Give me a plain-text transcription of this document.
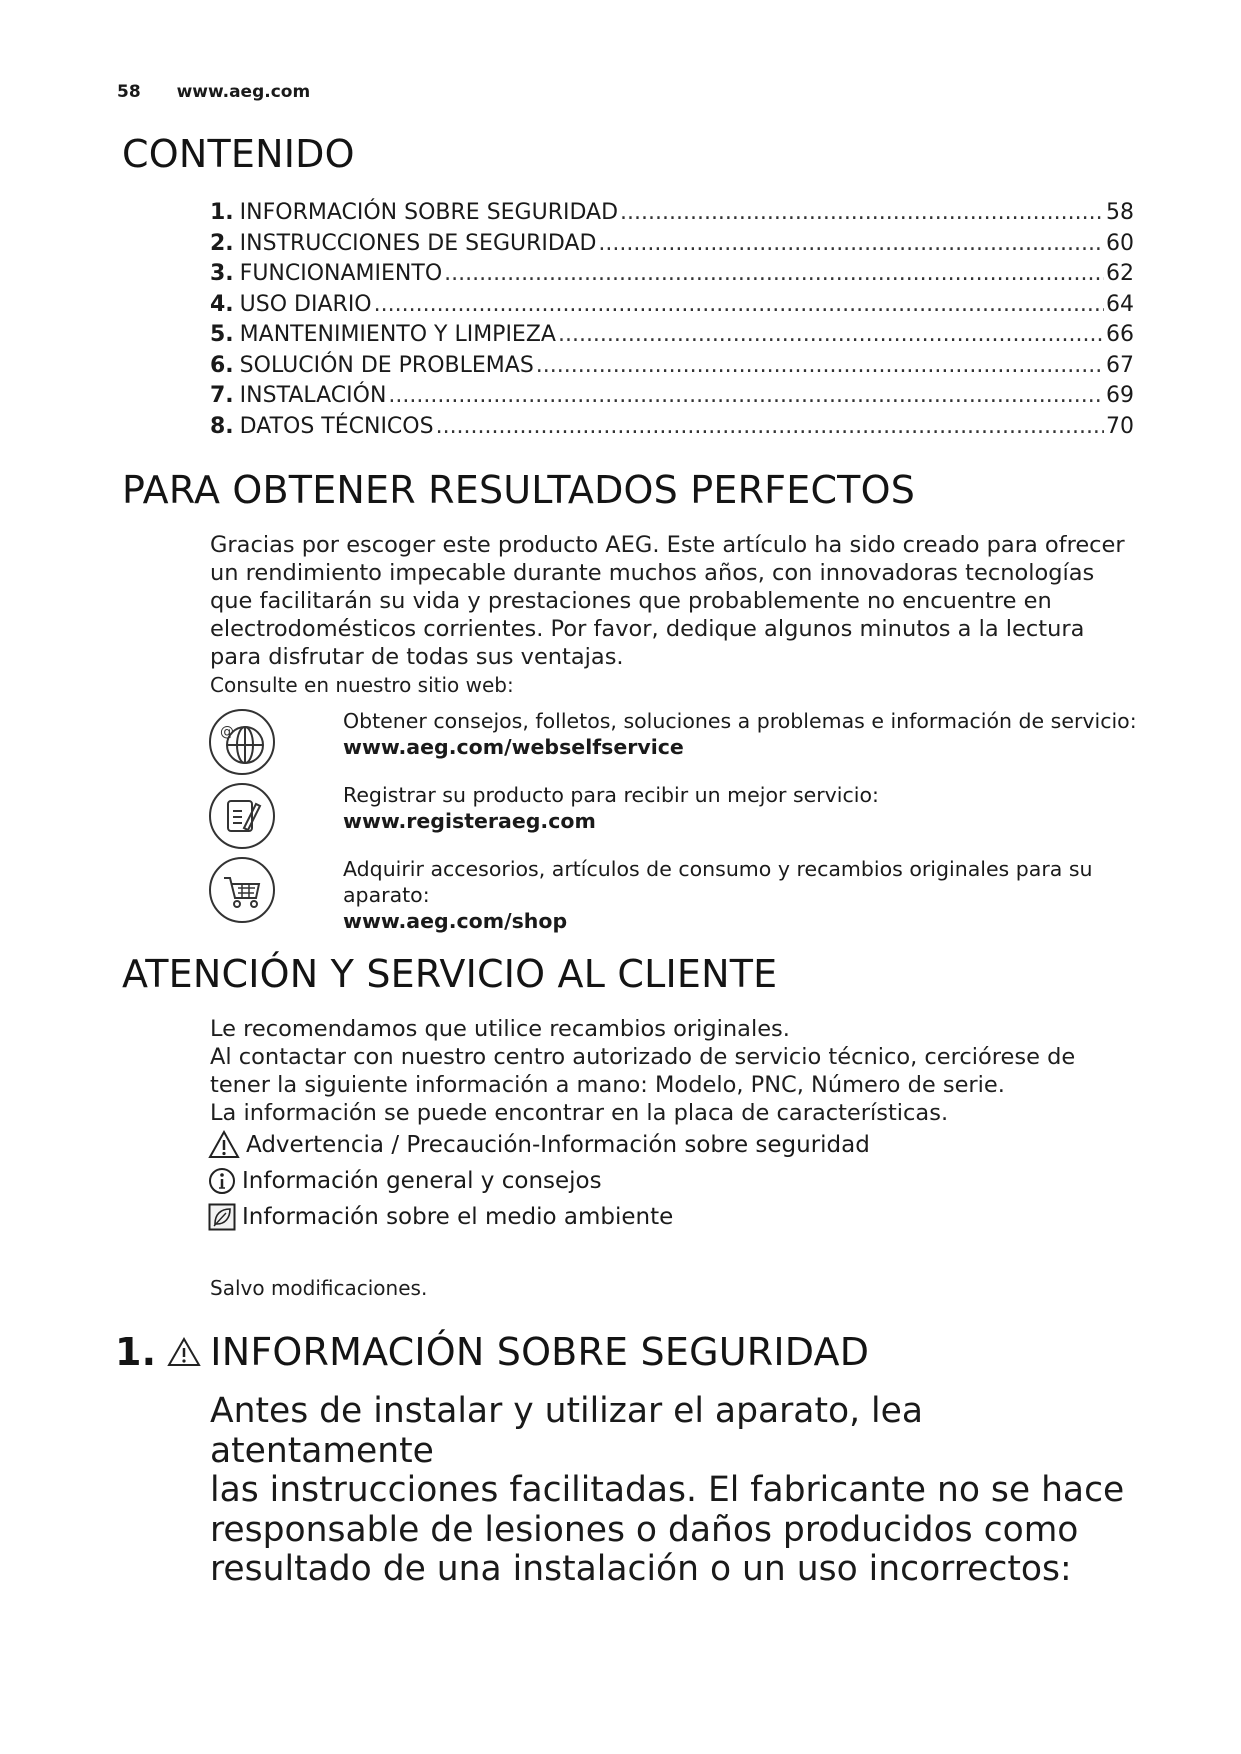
58 www.aeg.com
CONTENIDO
1. INFORMACIÓN SOBRE SEGURIDAD .....	58
2. INSTRUCCIONES DE SEGURIDAD .....	60
3. FUNCIONAMIENTO .....	62
4. USO DIARIO .....	64
5. MANTENIMIENTO Y LIMPIEZA .....	66
6. SOLUCIÓN DE PROBLEMAS .....	67
7. INSTALACIÓN .....	69
8. DATOS TÉCNICOS .....	70
PARA OBTENER RESULTADOS PERFECTOS
Gracias por escoger este producto AEG. Este artículo ha sido creado para ofrecer
un rendimiento impecable durante muchos años, con innovadoras tecnologías
que facilitarán su vida y prestaciones que probablemente no encuentre en
electrodomésticos corrientes. Por favor, dedique algunos minutos a la lectura
para disfrutar de todas sus ventajas.
Consulte en nuestro sitio web:
@	Obtener consejos, folletos, soluciones a problemas e información de servicio:
www.aeg.com/webselfservice
Registrar su producto para recibir un mejor servicio:
www.registeraeg.com
Adquirir accesorios, artículos de consumo y recambios originales para su
aparato:
www.aeg.com/shop
ATENCIÓN Y SERVICIO AL CLIENTE
Le recomendamos que utilice recambios originales.
Al contactar con nuestro centro autorizado de servicio técnico, cerciórese de
tener la siguiente información a mano: Modelo, PNC, Número de serie.
La información se puede encontrar en la placa de características.
Advertencia / Precaución-Información sobre seguridad
Información general y consejos
Información sobre el medio ambiente
Salvo modificaciones.
1. INFORMACIÓN SOBRE SEGURIDAD
Antes de instalar y utilizar el aparato, lea atentamente
las instrucciones facilitadas. El fabricante no se hace
responsable de lesiones o daños producidos como
resultado de una instalación o un uso incorrectos:
